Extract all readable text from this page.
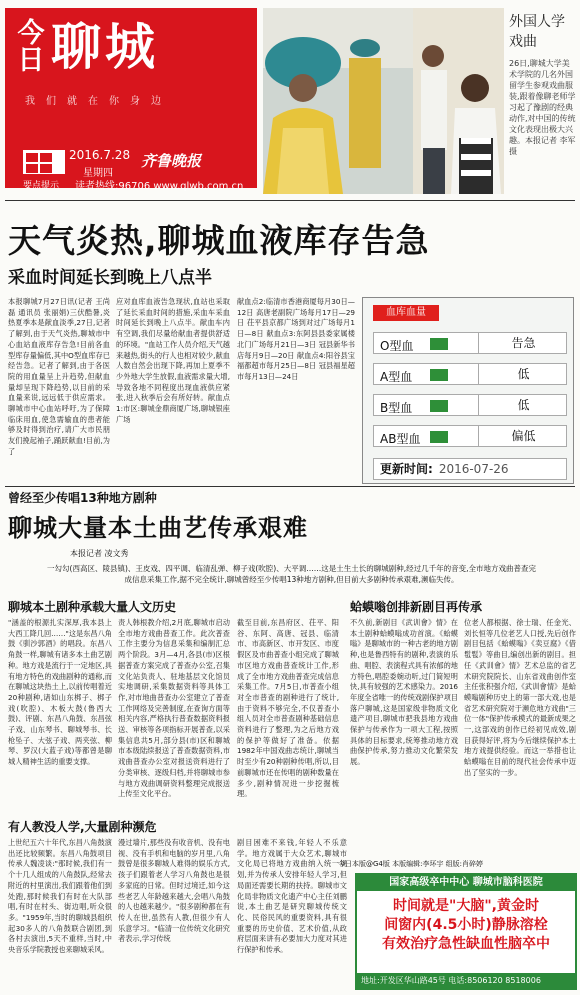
今日 聊城
我们就在你身边
2016.7.28
星期四
齐鲁晚报
读者热线:96706 www.qlwb.com.cn
要点提示
外国人学戏曲
26日,聊城大学美术学院的几名外国留学生参观戏曲服装,跟着像聊老师学习起了豫剧的经典动作,对中国的传统文化表现出极大兴趣。本报记者 李军 摄
天气炎热,聊城血液库存告急
采血时间延长到晚上八点半
本报聊城7月27日讯(记者 王尚磊 通讯员 张丽娟)三伏酷暑,炎热夏季本是献血淡季,27日,记者了解到,由于天气炎热,聊城市中心血站血液库存告急!目前各血型库存量偏低,其中O型血库存已经告急。记者了解到,由于各医院的用血量呈上升趋势,但献血量却呈现下降趋势,以目前的采血量来说,远远低于供应需求。聊城市中心血站呼吁,为了保障临床用血,使急需输血的患者能够及时得到治疗,请广大市民朋友们挽起袖子,踊跃献血!目前,为了
应对血库血液告急现状,血站也采取了延长采血时间的措施,采血车采血时间延长到晚上八点半。献血车内有空调,我们尽量给献血者提供舒适的环境。"血站工作人员介绍,天气越来越热,街头的行人也相对较少,献血人数自然会出现下降,再加上夏季不少外地大学生放假,血液需求量大增,导致各地不同程度出现血液供应紧张,进入秋季后会有所好转。献血点1:市区:聊城金鼎商厦广场,聊城银座广场
献血点2:临清市香港商厦每月30日—12日 高唐老副院广场每月17日—29日 茌平县京都广场到对过广场每月1日—8日 献血点3:东阿县县委家属楼北门广场每月21日—3日 冠县新华书店每月9日—20日 献血点4:阳谷县宝福都超市每月25日—8日 冠县福星超市每月13日—24日
血库血量
O型血	告急
A型血	低
B型血	低
AB型血	偏低
更新时间: 2016-07-26
曾经至少传唱13种地方剧种
聊城大量本土曲艺传承艰难
本报记者 凌文秀
一勾勾(西高区、陵县镇)、王皮戏、四平调、临清乱弹、柳子戏(吹腔)、大平调……这是土生土长的聊城剧种,经过几千年的音变,全市地方戏曲普查完成信息采集工作,据不完全统计,聊城曾经至少传唱13种地方剧种,但目前大多剧种传承艰难,濒临失传。
聊城本土剧种承载大量人文历史
"涵盖的根源扎实深厚,我本县上大西工降几回……"这是东昌八角鼓《驯沙郭酒》的唱段。东昌八角鼓一样,聊城有诸多本土曲艺剧种。地方戏是流行于一定地区,具有地方特色的戏曲剧种的通称,而在聊城这块热土上,以前传唱着近20种剧种,诸如山东梆子、梆子戏(吹腔)、木板大鼓(鲁西大鼓)、评剧、东昌八角鼓、东昌弦子戏、山东琴书、聊城琴书、长枪坠子、大弦子戏、两夹弦、柳琴、罗汉(大蓝子戏)等都曾是聊城人精神生活的重要支撑。
责人韩根教介绍,2月底,聊城市启动全市地方戏曲普查工作。此次普查工作主要分为信息采集和编制汇总两个阶段。3月—4月,各县(市)区根据普查方案完成了普查办公室,召集文化站负责人、驻地基层文化馆员实地调研,采集数据资料等具体工作,对市地曲普查办公室建立了普查工作网络及完善制度,在查询方面等相关内容,严格执行普查数据资料报送、审核等各项指标开展普查,以采集信息共5月,部分县(市)区和聊城市本级陆续报送了普查数据资料,市戏曲普查办公室对报送资料进行了分类审核、逐级归档,并将聊城市参与地方戏曲调研资料整理完成报送上传至文化平台。
截至目前,东昌府区、茌平、阳谷、东阿、高唐、冠县、临清市、市高新区、市开发区、市度假区及市曲普查小组完成了聊城市区地方戏曲普查统计工作,形成了全市地方戏曲普查完成信息采集工作。7月5日,市普查小组对全市普查的剧种进行了统计,由于资料不够完全,不仅普查小组人员对全市普查剧种基础信息资料进行了整理,为之后地方戏的保护等做好了准备。依据1982年中国戏曲志统计,聊城当时至少有20种剧种传唱,所以,目前聊城市还在传唱的剧种数量在多少,剧种情况进一步挖掘梳理。
蛤蟆嗡创排新剧目再传承
不久前,新剧目《武训會》情》在本土剧种蛤蟆嗡成功首演。《蛤蟆嗡》是聊城市的一种古老的地方剧种,也是鲁西特有的剧种,表演的乐曲、唱腔、表演程式具有浓郁的地方特色,唱腔委婉动听,过门简短明快,具有较强的艺术感染力。2016年度全省唯一的传统戏剧保护项目落户聊城,这是国家级非物质文化遗产项目,聊城市把我县地方戏曲保护与传承作为一项大工程,按照具体的目标要求,统筹推动地方戏曲保护传承,努力推动文化繁荣发展。
位老人都根据、徐士瑞、任金光、刘长恒等几位老艺人口授,先后创作剧目包括《蛤蟆嗡》《卖豆腐》《借髢髢》等曲目,编创出新的剧目。担任《武训會》情》艺术总监的省艺术研究院院长、山东省戏曲创作室主任张积强介绍,《武训會情》是蛤蟆嗡剧种历史上的第一部大戏,也是省艺术研究院对于濒危地方戏曲"三位一体"保护传承模式的最新成果之一,这部戏的创作已经初见成效,剧目获得好评,将为今后继续保护本土地方戏提供经验。而这一举措也让蛤蟆嗡在目前的现代社会传承中迈出了坚实的一步。
有人教没人学,大量剧种濒危
上世纪五六十年代,东昌八角鼓演出还比较频繁。东昌八角鼓项目传承人魏凌谈:"那时候,我们有一个十几人组成的八角鼓队,经常去附近的村里演出,我们跟着他们到处跑,那时候我们有时在大队部唱,有时在村头、街边唱,听众很多。"1959年,当时的聊城县组织起30多人的八角鼓联合剧团,到各村去演出,5天不重样,当时,中央音乐学院教授也来聊城采风。
漫过墙片,那些没有收音机、没有电视、没有手机和电脑的岁月里,八角鼓曾是很多聊城人难得的娱乐方式,孩子们跟着老人学习八角鼓也是很多家庭的日常。但时过境迁,如今这些老艺人年龄越来越大,会唱八角鼓的人也越来越少。"很多剧种都在有传人在世,虽然有人教,但很少有人乐意学习。"临清一位传统文化研究者表示,学习传统
剧目困难不来钱,年轻人不乐意学。地方戏属于大众艺术,聊城市文化局已将地方戏曲纳入统一规划,并为传承人安排年轻人学习,但局面还需要长期的扶持。聊城市文化局非物质文化遗产中心主任刘鹏说,本土曲艺是研究聊城传统文化、民俗民风的重要资料,具有很重要的历史价值、艺术价值,从政府层面来讲有必要加大力度对其进行保护和传承。
今日本版@G4版 本版编辑:李环宇 组版:肖碎婷
国家高级卒中中心 聊城市脑科医院
时间就是"大脑",黄金时
间窗内(4.5小时)静脉溶栓
有效治疗急性缺血性脑卒中
地址:开发区华山路45号 电话:8506120 8518006
